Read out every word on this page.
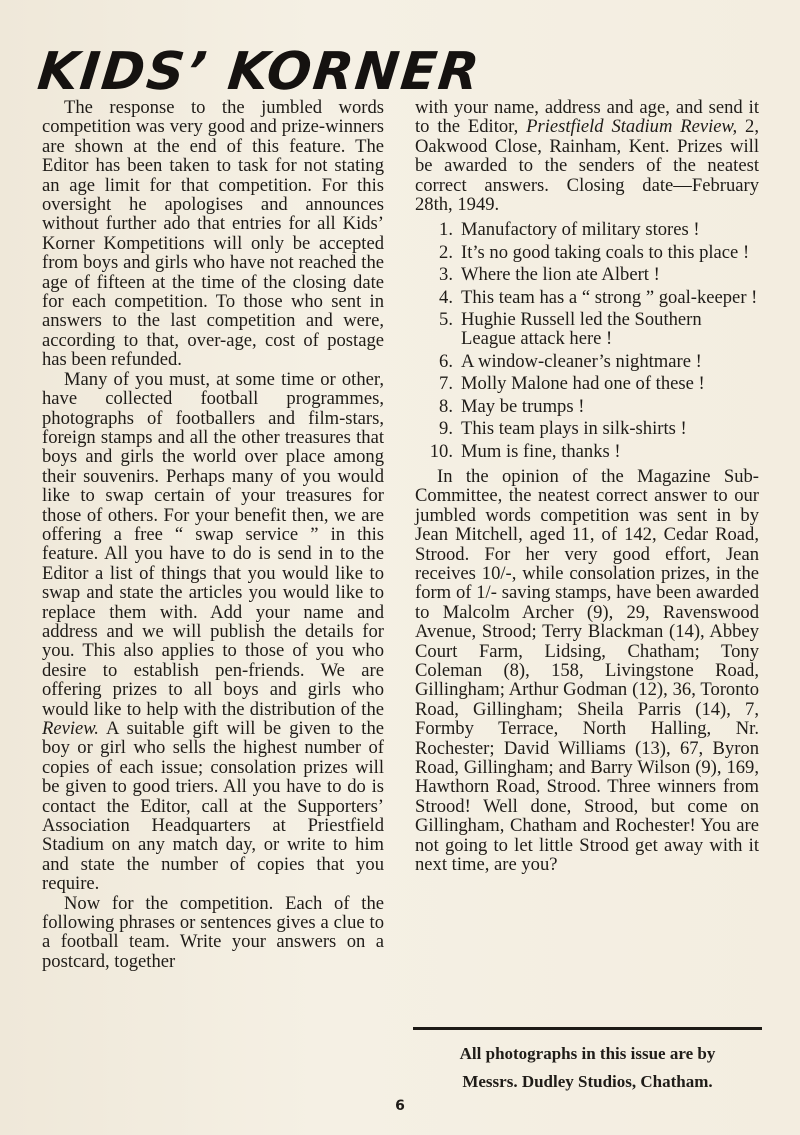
KIDS’ KORNER

The response to the jumbled words competition was very good and prize-winners are shown at the end of this feature. The Editor has been taken to task for not stating an age limit for that competition. For this oversight he apologises and announces without further ado that entries for all Kids’ Korner Kompetitions will only be accepted from boys and girls who have not reached the age of fifteen at the time of the closing date for each competition. To those who sent in answers to the last competition and were, according to that, over-age, cost of postage has been refunded.

Many of you must, at some time or other, have collected football programmes, photographs of footballers and film-stars, foreign stamps and all the other treasures that boys and girls the world over place among their souvenirs. Perhaps many of you would like to swap certain of your treasures for those of others. For your benefit then, we are offering a free “ swap service ” in this feature. All you have to do is send in to the Editor a list of things that you would like to swap and state the articles you would like to replace them with. Add your name and address and we will publish the details for you. This also applies to those of you who desire to establish pen-friends. We are offering prizes to all boys and girls who would like to help with the distribution of the Review. A suitable gift will be given to the boy or girl who sells the highest number of copies of each issue; consolation prizes will be given to good triers. All you have to do is contact the Editor, call at the Supporters’ Association Headquarters at Priestfield Stadium on any match day, or write to him and state the number of copies that you require.

Now for the competition. Each of the following phrases or sentences gives a clue to a football team. Write your answers on a postcard, together

with your name, address and age, and send it to the Editor, Priestfield Stadium Review, 2, Oakwood Close, Rainham, Kent. Prizes will be awarded to the senders of the neatest correct answers. Closing date—February 28th, 1949.

1. Manufactory of military stores !
2. It’s no good taking coals to this place !
3. Where the lion ate Albert !
4. This team has a “ strong ” goal-keeper !
5. Hughie Russell led the Southern League attack here !
6. A window-cleaner’s nightmare !
7. Molly Malone had one of these !
8. May be trumps !
9. This team plays in silk-shirts !
10. Mum is fine, thanks !

In the opinion of the Magazine Sub-Committee, the neatest correct answer to our jumbled words competition was sent in by Jean Mitchell, aged 11, of 142, Cedar Road, Strood. For her very good effort, Jean receives 10/-, while consolation prizes, in the form of 1/- saving stamps, have been awarded to Malcolm Archer (9), 29, Ravenswood Avenue, Strood; Terry Blackman (14), Abbey Court Farm, Lidsing, Chatham; Tony Coleman (8), 158, Livingstone Road, Gillingham; Arthur Godman (12), 36, Toronto Road, Gillingham; Sheila Parris (14), 7, Formby Terrace, North Halling, Nr. Rochester; David Williams (13), 67, Byron Road, Gillingham; and Barry Wilson (9), 169, Hawthorn Road, Strood. Three winners from Strood! Well done, Strood, but come on Gillingham, Chatham and Rochester! You are not going to let little Strood get away with it next time, are you?

All photographs in this issue are by
Messrs. Dudley Studios, Chatham.
6
